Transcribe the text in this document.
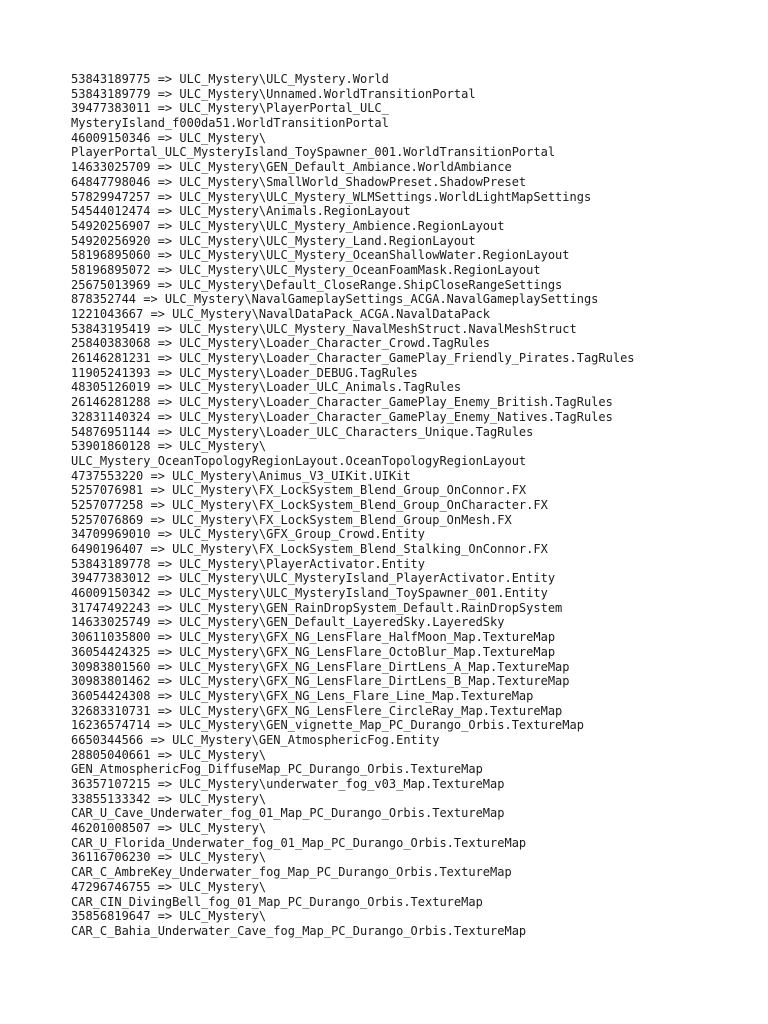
53843189775 => ULC_Mystery\ULC_Mystery.World
53843189779 => ULC_Mystery\Unnamed.WorldTransitionPortal
39477383011 => ULC_Mystery\PlayerPortal_ULC_
MysteryIsland_f000da51.WorldTransitionPortal
46009150346 => ULC_Mystery\
PlayerPortal_ULC_MysteryIsland_ToySpawner_001.WorldTransitionPortal
14633025709 => ULC_Mystery\GEN_Default_Ambiance.WorldAmbiance
64847798046 => ULC_Mystery\SmallWorld_ShadowPreset.ShadowPreset
57829947257 => ULC_Mystery\ULC_Mystery_WLMSettings.WorldLightMapSettings
54544012474 => ULC_Mystery\Animals.RegionLayout
54920256907 => ULC_Mystery\ULC_Mystery_Ambience.RegionLayout
54920256920 => ULC_Mystery\ULC_Mystery_Land.RegionLayout
58196895060 => ULC_Mystery\ULC_Mystery_OceanShallowWater.RegionLayout
58196895072 => ULC_Mystery\ULC_Mystery_OceanFoamMask.RegionLayout
25675013969 => ULC_Mystery\Default_CloseRange.ShipCloseRangeSettings
878352744 => ULC_Mystery\NavalGameplaySettings_ACGA.NavalGameplaySettings
1221043667 => ULC_Mystery\NavalDataPack_ACGA.NavalDataPack
53843195419 => ULC_Mystery\ULC_Mystery_NavalMeshStruct.NavalMeshStruct
25840383068 => ULC_Mystery\Loader_Character_Crowd.TagRules
26146281231 => ULC_Mystery\Loader_Character_GamePlay_Friendly_Pirates.TagRules
11905241393 => ULC_Mystery\Loader_DEBUG.TagRules
48305126019 => ULC_Mystery\Loader_ULC_Animals.TagRules
26146281288 => ULC_Mystery\Loader_Character_GamePlay_Enemy_British.TagRules
32831140324 => ULC_Mystery\Loader_Character_GamePlay_Enemy_Natives.TagRules
54876951144 => ULC_Mystery\Loader_ULC_Characters_Unique.TagRules
53901860128 => ULC_Mystery\
ULC_Mystery_OceanTopologyRegionLayout.OceanTopologyRegionLayout
4737553220 => ULC_Mystery\Animus_V3_UIKit.UIKit
5257076981 => ULC_Mystery\FX_LockSystem_Blend_Group_OnConnor.FX
5257077258 => ULC_Mystery\FX_LockSystem_Blend_Group_OnCharacter.FX
5257076869 => ULC_Mystery\FX_LockSystem_Blend_Group_OnMesh.FX
34709969010 => ULC_Mystery\GFX_Group_Crowd.Entity
6490196407 => ULC_Mystery\FX_LockSystem_Blend_Stalking_OnConnor.FX
53843189778 => ULC_Mystery\PlayerActivator.Entity
39477383012 => ULC_Mystery\ULC_MysteryIsland_PlayerActivator.Entity
46009150342 => ULC_Mystery\ULC_MysteryIsland_ToySpawner_001.Entity
31747492243 => ULC_Mystery\GEN_RainDropSystem_Default.RainDropSystem
14633025749 => ULC_Mystery\GEN_Default_LayeredSky.LayeredSky
30611035800 => ULC_Mystery\GFX_NG_LensFlare_HalfMoon_Map.TextureMap
36054424325 => ULC_Mystery\GFX_NG_LensFlare_OctoBlur_Map.TextureMap
30983801560 => ULC_Mystery\GFX_NG_LensFlare_DirtLens_A_Map.TextureMap
30983801462 => ULC_Mystery\GFX_NG_LensFlare_DirtLens_B_Map.TextureMap
36054424308 => ULC_Mystery\GFX_NG_Lens_Flare_Line_Map.TextureMap
32683310731 => ULC_Mystery\GFX_NG_LensFlere_CircleRay_Map.TextureMap
16236574714 => ULC_Mystery\GEN_vignette_Map_PC_Durango_Orbis.TextureMap
6650344566 => ULC_Mystery\GEN_AtmosphericFog.Entity
28805040661 => ULC_Mystery\
GEN_AtmosphericFog_DiffuseMap_PC_Durango_Orbis.TextureMap
36357107215 => ULC_Mystery\underwater_fog_v03_Map.TextureMap
33855133342 => ULC_Mystery\
CAR_U_Cave_Underwater_fog_01_Map_PC_Durango_Orbis.TextureMap
46201008507 => ULC_Mystery\
CAR_U_Florida_Underwater_fog_01_Map_PC_Durango_Orbis.TextureMap
36116706230 => ULC_Mystery\
CAR_C_AmbreKey_Underwater_fog_Map_PC_Durango_Orbis.TextureMap
47296746755 => ULC_Mystery\
CAR_CIN_DivingBell_fog_01_Map_PC_Durango_Orbis.TextureMap
35856819647 => ULC_Mystery\
CAR_C_Bahia_Underwater_Cave_fog_Map_PC_Durango_Orbis.TextureMap
